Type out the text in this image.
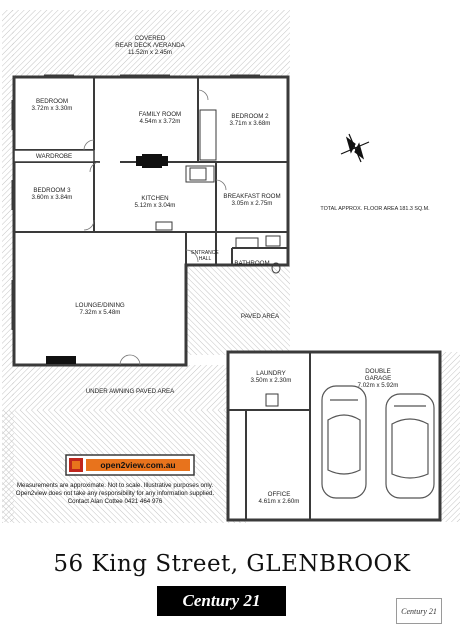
COVERED
REAR DECK /VERANDA
11.52m x 2.45m
BEDROOM
3.72m x 3.30m
FAMILY ROOM
4.54m x 3.72m
BEDROOM 2
3.71m x 3.68m
WARDROBE
BEDROOM 3
3.60m x 3.84m	KITCHEN
5.12m x 3.04m
BREAKFAST ROOM
3.05m x 2.75m
ENTRANCE
HALL
BATHROOM
LOUNGE/DINING
7.32m x 5.48m
PAVED AREA
LAUNDRY
3.50m x 2.30m
DOUBLE
GARAGE
7.02m x 5.92m
OFFICE
4.61m x 2.60m
UNDER AWNING PAVED AREA
TOTAL APPROX. FLOOR AREA 181.3 SQ.M.
open2view.com.au
Measurements are approximate. Not to scale. Illustrative purposes only.
Open2view does not take any responsibility for any information supplied.
Contact Alan Cottee 0421 464 976
56 King Street, GLENBROOK
Century 21
Century 21
